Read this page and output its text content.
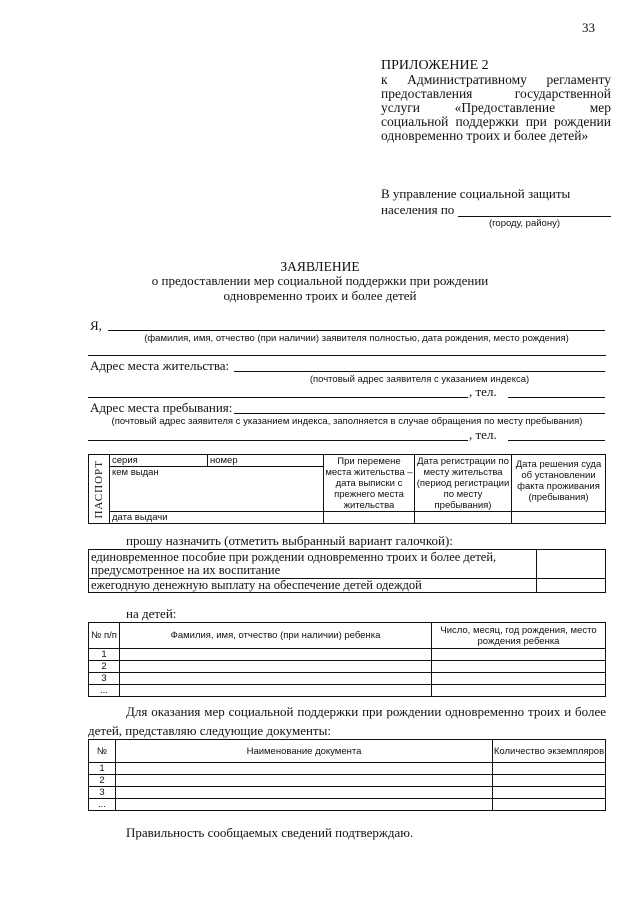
33
ПРИЛОЖЕНИЕ 2
к Административному регламенту предоставления государственной услуги «Предоставление мер социальной поддержки при рождении одновременно троих и более детей»
В управление социальной защиты
населения по
(городу, району)
ЗАЯВЛЕНИЕ
о предоставлении мер социальной поддержки при рождении одновременно троих и более детей
Я,
(фамилия, имя, отчество (при наличии) заявителя полностью, дата рождения, место рождения)
Адрес места жительства:
(почтовый адрес заявителя с указанием индекса)
, тел.
Адрес места пребывания:
(почтовый адрес заявителя с указанием индекса, заполняется в случае обращения по месту пребывания)
, тел.
ПАСПОРТ	серия	номер	При перемене места жительства – дата выписки с прежнего места жительства	Дата регистрации по месту жительства (период регистрации по месту пребывания)	Дата решения суда об установлении факта проживания (пребывания)
	кем выдан				
	дата выдачи				
прошу назначить (отметить выбранный вариант галочкой):
единовременное пособие при рождении одновременно троих и более детей, предусмотренное на их воспитание	
ежегодную денежную выплату на обеспечение детей одеждой	
на детей:
№ п/п	Фамилия, имя, отчество (при наличии) ребенка	Число, месяц, год рождения, место рождения ребенка
1		
2		
3		
...		
Для оказания мер социальной поддержки при рождении одновременно троих и более детей, представляю следующие документы:
№	Наименование документа	Количество экземпляров
1		
2		
3		
...		
Правильность сообщаемых сведений подтверждаю.
